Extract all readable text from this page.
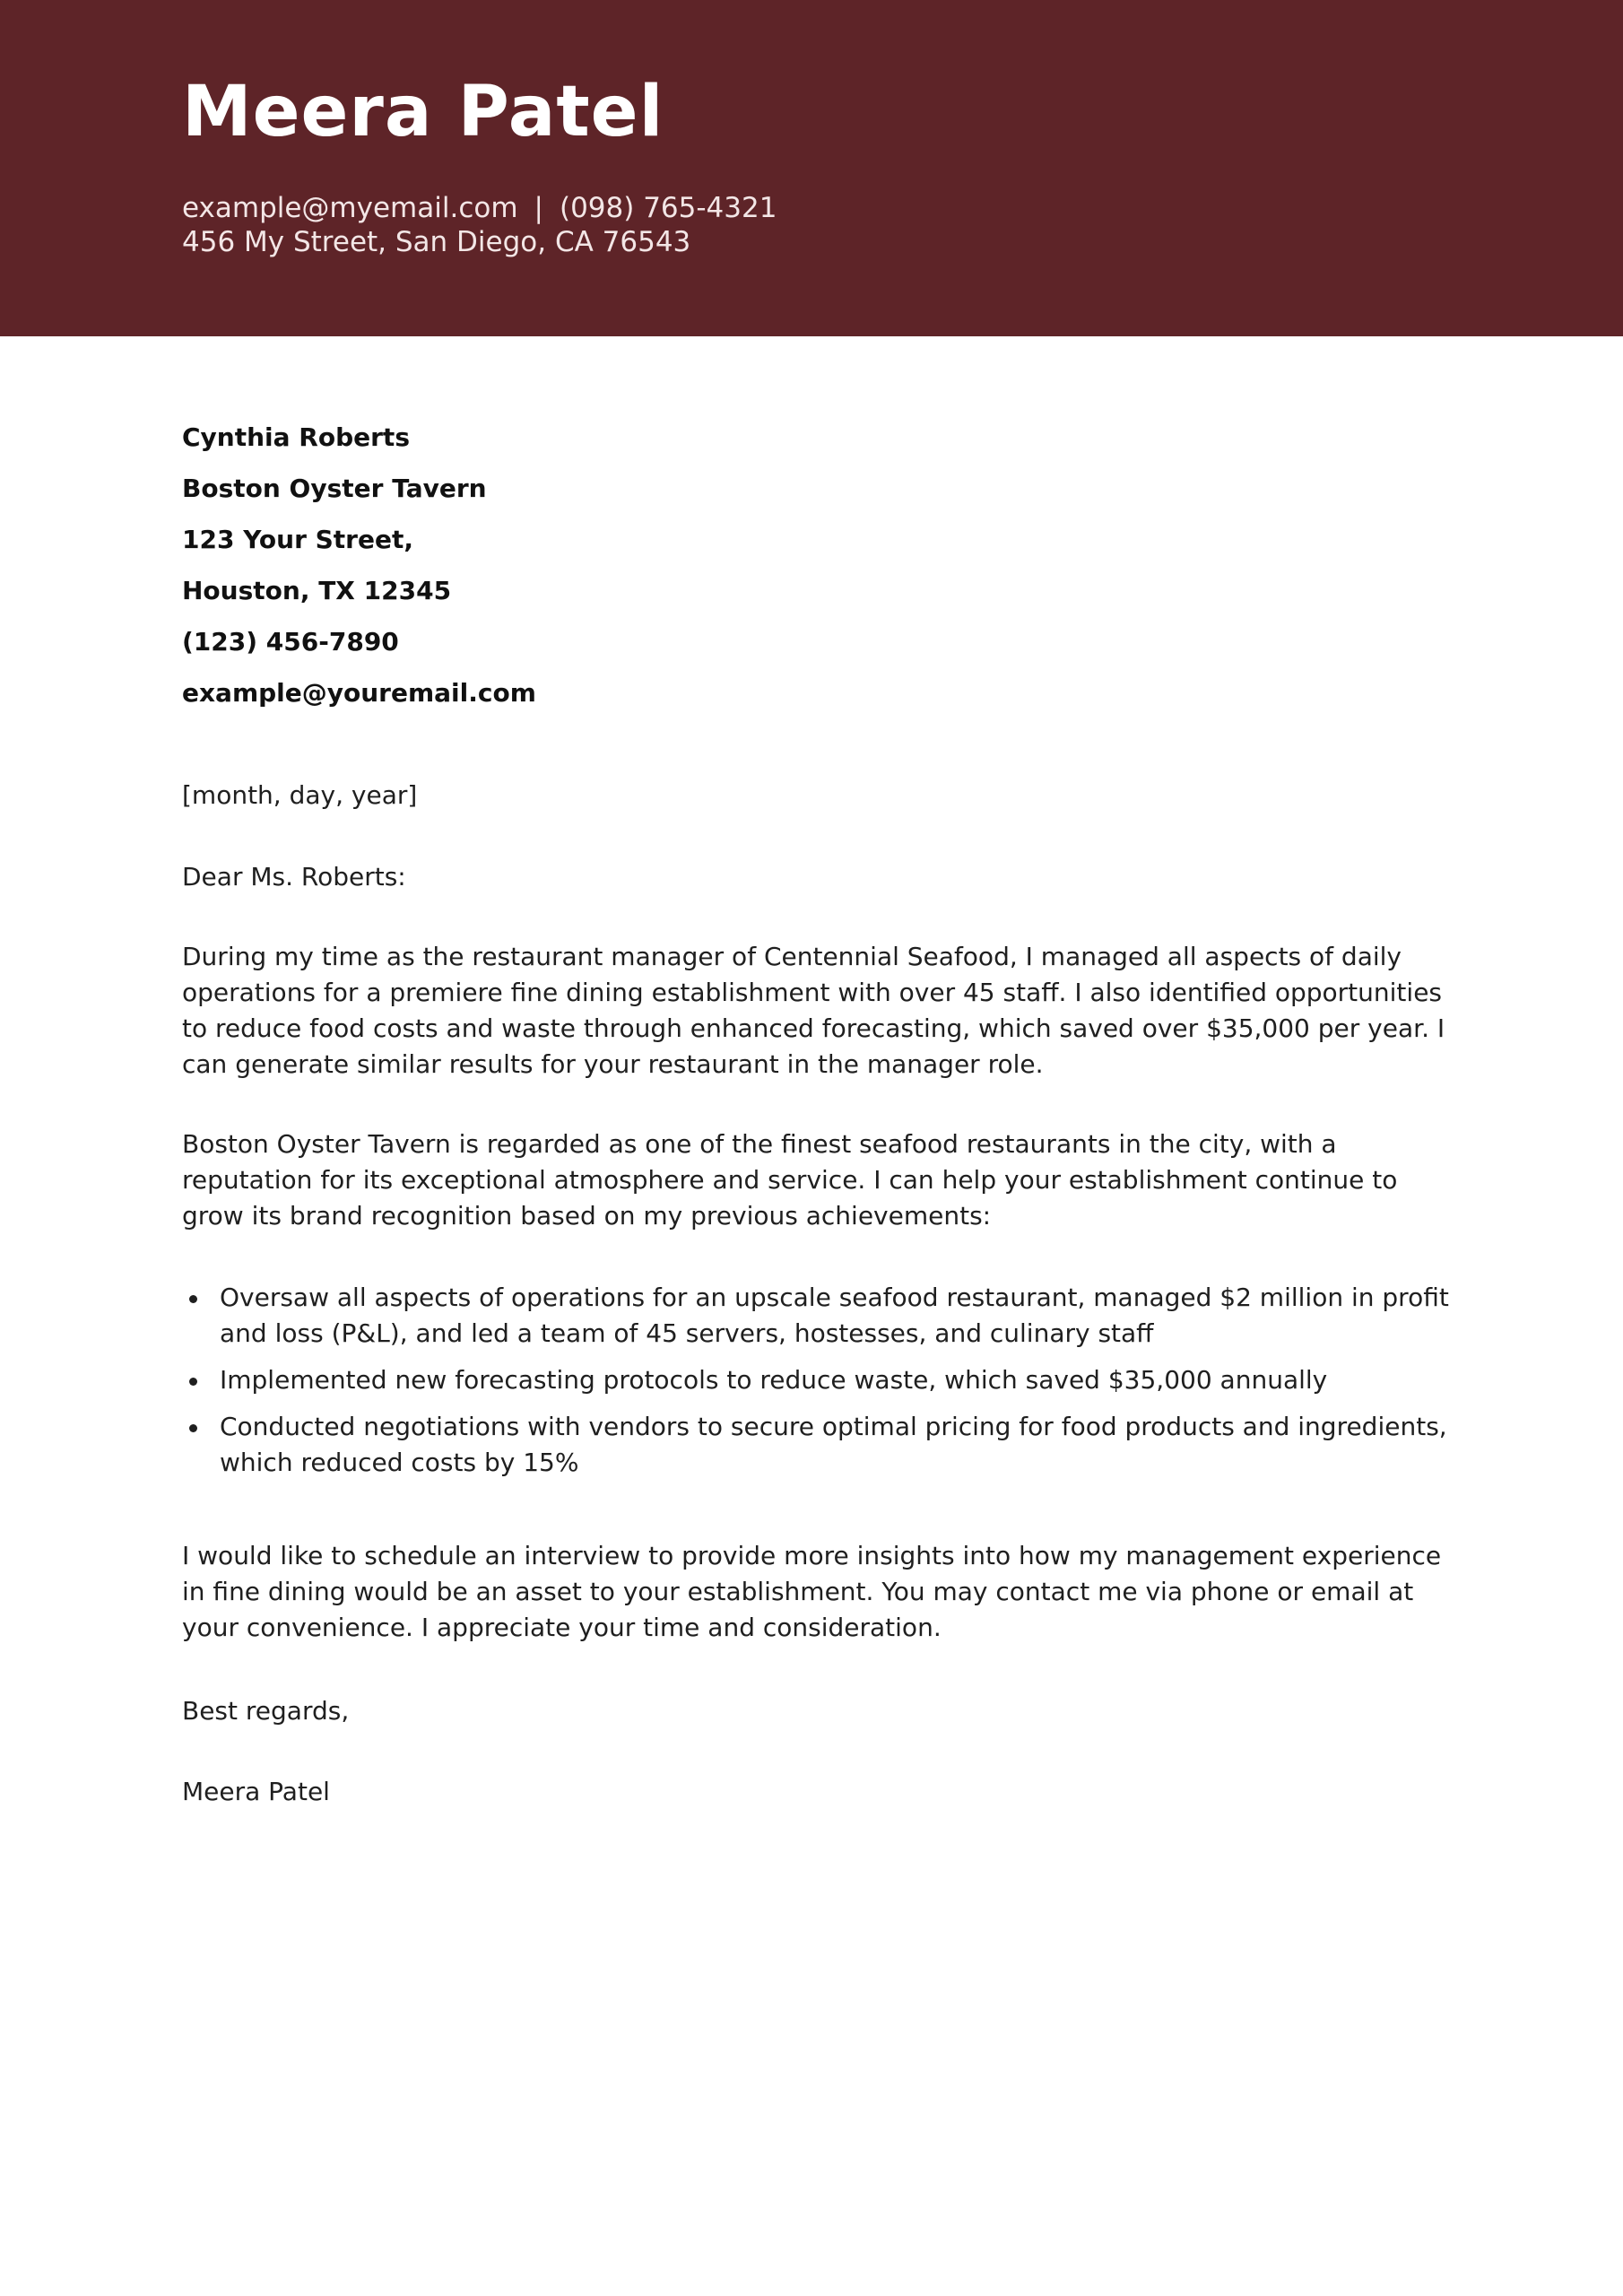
Meera Patel

example@myemail.com | (098) 765-4321

456 My Street, San Diego, CA 76543

Cynthia Roberts
Boston Oyster Tavern
123 Your Street,
Houston, TX 12345
(123) 456-7890
example@youremail.com

[month, day, year]

Dear Ms. Roberts:

During my time as the restaurant manager of Centennial Seafood, I managed all aspects of daily operations for a premiere fine dining establishment with over 45 staff. I also identified opportunities to reduce food costs and waste through enhanced forecasting, which saved over $35,000 per year. I can generate similar results for your restaurant in the manager role.

Boston Oyster Tavern is regarded as one of the finest seafood restaurants in the city, with a reputation for its exceptional atmosphere and service. I can help your establishment continue to grow its brand recognition based on my previous achievements:

Oversaw all aspects of operations for an upscale seafood restaurant, managed $2 million in profit and loss (P&L), and led a team of 45 servers, hostesses, and culinary staff
Implemented new forecasting protocols to reduce waste, which saved $35,000 annually
Conducted negotiations with vendors to secure optimal pricing for food products and ingredients, which reduced costs by 15%

I would like to schedule an interview to provide more insights into how my management experience in fine dining would be an asset to your establishment. You may contact me via phone or email at your convenience. I appreciate your time and consideration.

Best regards,

Meera Patel
